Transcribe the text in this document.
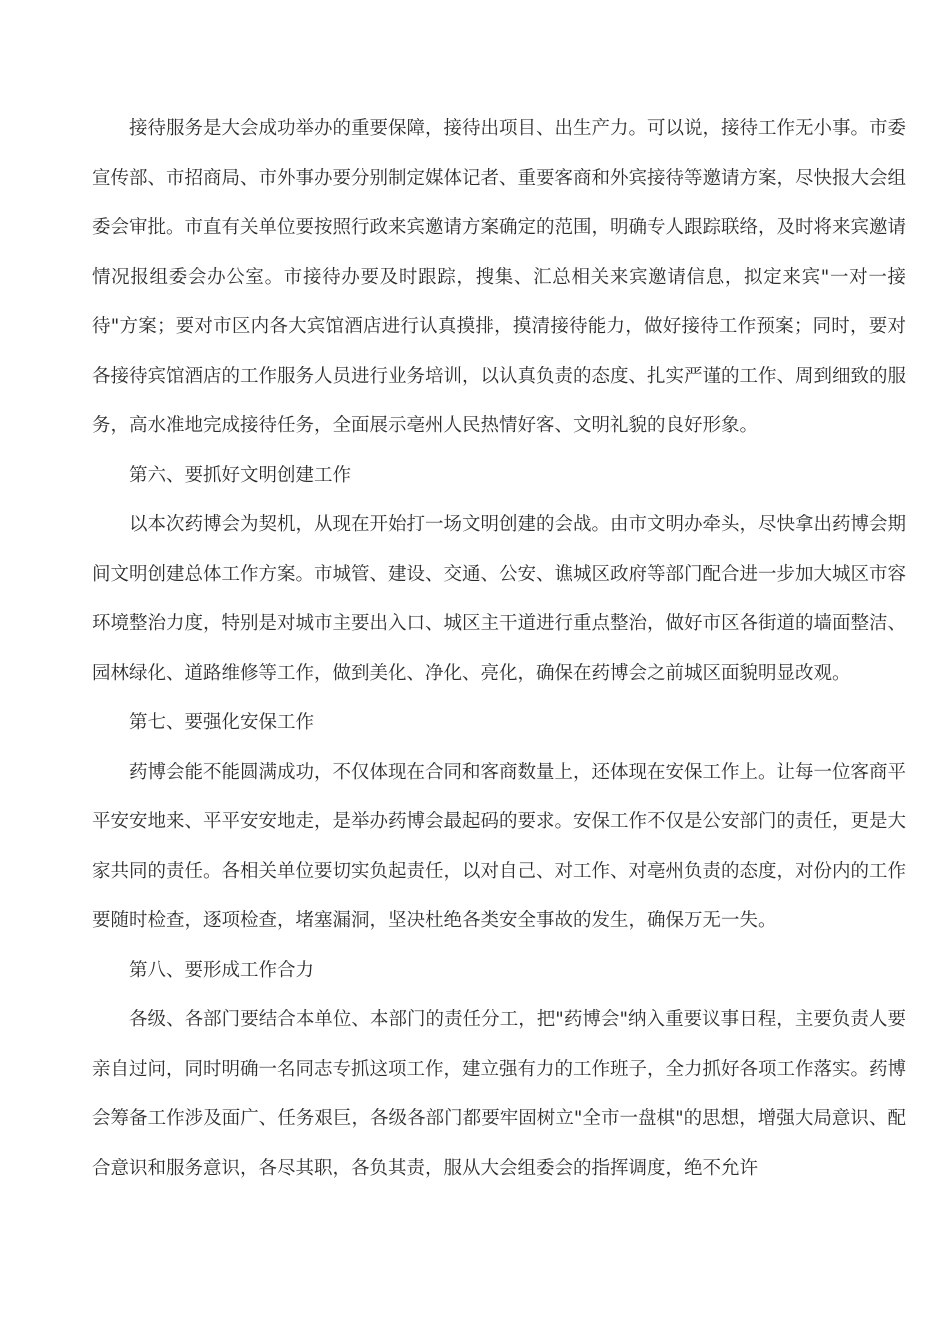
接待服务是大会成功举办的重要保障，接待出项目、出生产力。可以说，接待工作无小事。市委宣传部、市招商局、市外事办要分别制定媒体记者、重要客商和外宾接待等邀请方案，尽快报大会组委会审批。市直有关单位要按照行政来宾邀请方案确定的范围，明确专人跟踪联络，及时将来宾邀请情况报组委会办公室。市接待办要及时跟踪，搜集、汇总相关来宾邀请信息，拟定来宾"一对一接待"方案；要对市区内各大宾馆酒店进行认真摸排，摸清接待能力，做好接待工作预案；同时，要对各接待宾馆酒店的工作服务人员进行业务培训，以认真负责的态度、扎实严谨的工作、周到细致的服务，高水准地完成接待任务，全面展示亳州人民热情好客、文明礼貌的良好形象。

第六、要抓好文明创建工作

以本次药博会为契机，从现在开始打一场文明创建的会战。由市文明办牵头，尽快拿出药博会期间文明创建总体工作方案。市城管、建设、交通、公安、谯城区政府等部门配合进一步加大城区市容环境整治力度，特别是对城市主要出入口、城区主干道进行重点整治，做好市区各街道的墙面整洁、园林绿化、道路维修等工作，做到美化、净化、亮化，确保在药博会之前城区面貌明显改观。

第七、要强化安保工作

药博会能不能圆满成功，不仅体现在合同和客商数量上，还体现在安保工作上。让每一位客商平平安安地来、平平安安地走，是举办药博会最起码的要求。安保工作不仅是公安部门的责任，更是大家共同的责任。各相关单位要切实负起责任，以对自己、对工作、对亳州负责的态度，对份内的工作要随时检查，逐项检查，堵塞漏洞，坚决杜绝各类安全事故的发生，确保万无一失。

第八、要形成工作合力

各级、各部门要结合本单位、本部门的责任分工，把"药博会"纳入重要议事日程，主要负责人要亲自过问，同时明确一名同志专抓这项工作，建立强有力的工作班子，全力抓好各项工作落实。药博会筹备工作涉及面广、任务艰巨，各级各部门都要牢固树立"全市一盘棋"的思想，增强大局意识、配合意识和服务意识，各尽其职，各负其责，服从大会组委会的指挥调度，绝不允许
